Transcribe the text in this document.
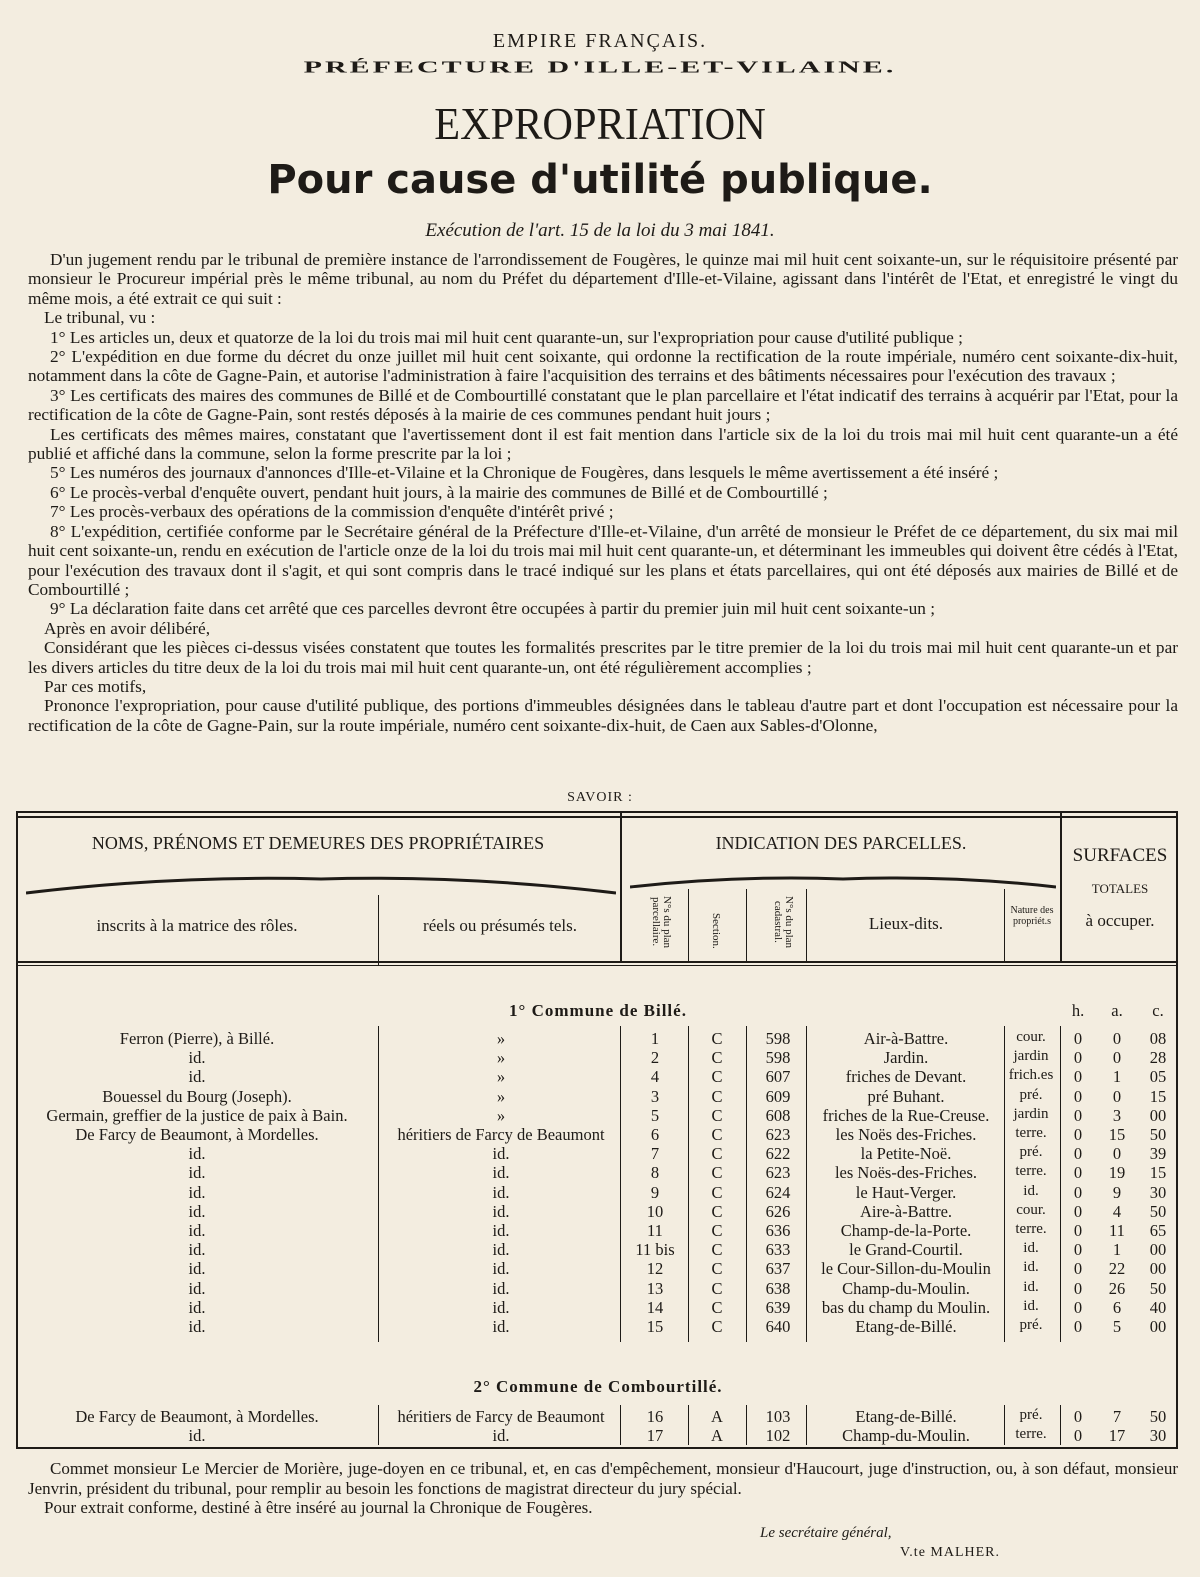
EMPIRE FRANÇAIS.
PRÉFECTURE D'ILLE-ET-VILAINE.
EXPROPRIATION
Pour cause d'utilité publique.
Exécution de l'art. 15 de la loi du 3 mai 1841.

D'un jugement rendu par le tribunal de première instance de l'arrondissement de Fougères, le quinze mai mil huit cent soixante-un, sur le réquisitoire présenté par monsieur le Procureur impérial près le même tribunal, au nom du Préfet du département d'Ille-et-Vilaine, agissant dans l'intérêt de l'Etat, et enregistré le vingt du même mois, a été extrait ce qui suit :

Le tribunal, vu :

1° Les articles un, deux et quatorze de la loi du trois mai mil huit cent quarante-un, sur l'expropriation pour cause d'utilité publique ;

2° L'expédition en due forme du décret du onze juillet mil huit cent soixante, qui ordonne la rectification de la route impériale, numéro cent soixante-dix-huit, notamment dans la côte de Gagne-Pain, et autorise l'administration à faire l'acquisition des terrains et des bâtiments nécessaires pour l'exécution des travaux ;

3° Les certificats des maires des communes de Billé et de Combourtillé constatant que le plan parcellaire et l'état indicatif des terrains à acquérir par l'Etat, pour la rectification de la côte de Gagne-Pain, sont restés déposés à la mairie de ces communes pendant huit jours ;

Les certificats des mêmes maires, constatant que l'avertissement dont il est fait mention dans l'article six de la loi du trois mai mil huit cent quarante-un a été publié et affiché dans la commune, selon la forme prescrite par la loi ;

5° Les numéros des journaux d'annonces d'Ille-et-Vilaine et la Chronique de Fougères, dans lesquels le même avertissement a été inséré ;

6° Le procès-verbal d'enquête ouvert, pendant huit jours, à la mairie des communes de Billé et de Combourtillé ;

7° Les procès-verbaux des opérations de la commission d'enquête d'intérêt privé ;

8° L'expédition, certifiée conforme par le Secrétaire général de la Préfecture d'Ille-et-Vilaine, d'un arrêté de monsieur le Préfet de ce département, du six mai mil huit cent soixante-un, rendu en exécution de l'article onze de la loi du trois mai mil huit cent quarante-un, et déterminant les immeubles qui doivent être cédés à l'Etat, pour l'exécution des travaux dont il s'agit, et qui sont compris dans le tracé indiqué sur les plans et états parcellaires, qui ont été déposés aux mairies de Billé et de Combourtillé ;

9° La déclaration faite dans cet arrêté que ces parcelles devront être occupées à partir du premier juin mil huit cent soixante-un ;

Après en avoir délibéré,

Considérant que les pièces ci-dessus visées constatent que toutes les formalités prescrites par le titre premier de la loi du trois mai mil huit cent quarante-un et par les divers articles du titre deux de la loi du trois mai mil huit cent quarante-un, ont été régulièrement accomplies ;

Par ces motifs,

Prononce l'expropriation, pour cause d'utilité publique, des portions d'immeubles désignées dans le tableau d'autre part et dont l'occupation est nécessaire pour la rectification de la côte de Gagne-Pain, sur la route impériale, numéro cent soixante-dix-huit, de Caen aux Sables-d'Olonne,

SAVOIR :
NOMS, PRÉNOMS ET DEMEURES DES PROPRIÉTAIRES	INDICATION DES PARCELLES.
SURFACES
TOTALES
inscrits à la matrice des rôles.	réels ou présumés tels.	N°s du plan parcellaire.	Section.	N°s du plan cadastral.	Lieux-dits.
Nature des propriét.s	à occuper.
1° Commune de Billé.	h.	a.	c.
Ferron (Pierre), à Billé.	»	1	C	598	Air-à-Battre.	cour.	0	0	08
id.	»	2	C	598	Jardin.	jardin	0	0	28
id.	»	4	C	607	friches de Devant.	frich.es	0	1	05
Bouessel du Bourg (Joseph).	»	3	C	609	pré Buhant.	pré.	0	0	15
Germain, greffier de la justice de paix à Bain.	»	5	C	608	friches de la Rue-Creuse.	jardin	0	3	00
De Farcy de Beaumont, à Mordelles.	héritiers de Farcy de Beaumont	6	C	623	les Noës des-Friches.	terre.	0	15	50
id.	id.	7	C	622	la Petite-Noë.	pré.	0	0	39
id.	id.	8	C	623	les Noës-des-Friches.	terre.	0	19	15
id.	id.	9	C	624	le Haut-Verger.	id.	0	9	30
id.	id.	10	C	626	Aire-à-Battre.	cour.	0	4	50
id.	id.	11	C	636	Champ-de-la-Porte.	terre.	0	11	65
id.	id.	11 bis	C	633	le Grand-Courtil.	id.	0	1	00
id.	id.	12	C	637	le Cour-Sillon-du-Moulin	id.	0	22	00
id.	id.	13	C	638	Champ-du-Moulin.	id.	0	26	50
id.	id.	14	C	639	bas du champ du Moulin.	id.	0	6	40
id.	id.	15	C	640	Etang-de-Billé.	pré.	0	5	00
2° Commune de Combourtillé.
De Farcy de Beaumont, à Mordelles.	héritiers de Farcy de Beaumont	16	A	103	Etang-de-Billé.	pré.	0	7	50
id.	id.	17	A	102	Champ-du-Moulin.	terre.	0	17	30

Commet monsieur Le Mercier de Morière, juge-doyen en ce tribunal, et, en cas d'empêchement, monsieur d'Haucourt, juge d'instruction, ou, à son défaut, monsieur Jenvrin, président du tribunal, pour remplir au besoin les fonctions de magistrat directeur du jury spécial.

Pour extrait conforme, destiné à être inséré au journal la Chronique de Fougères.

Le secrétaire général,
V.te MALHER.
